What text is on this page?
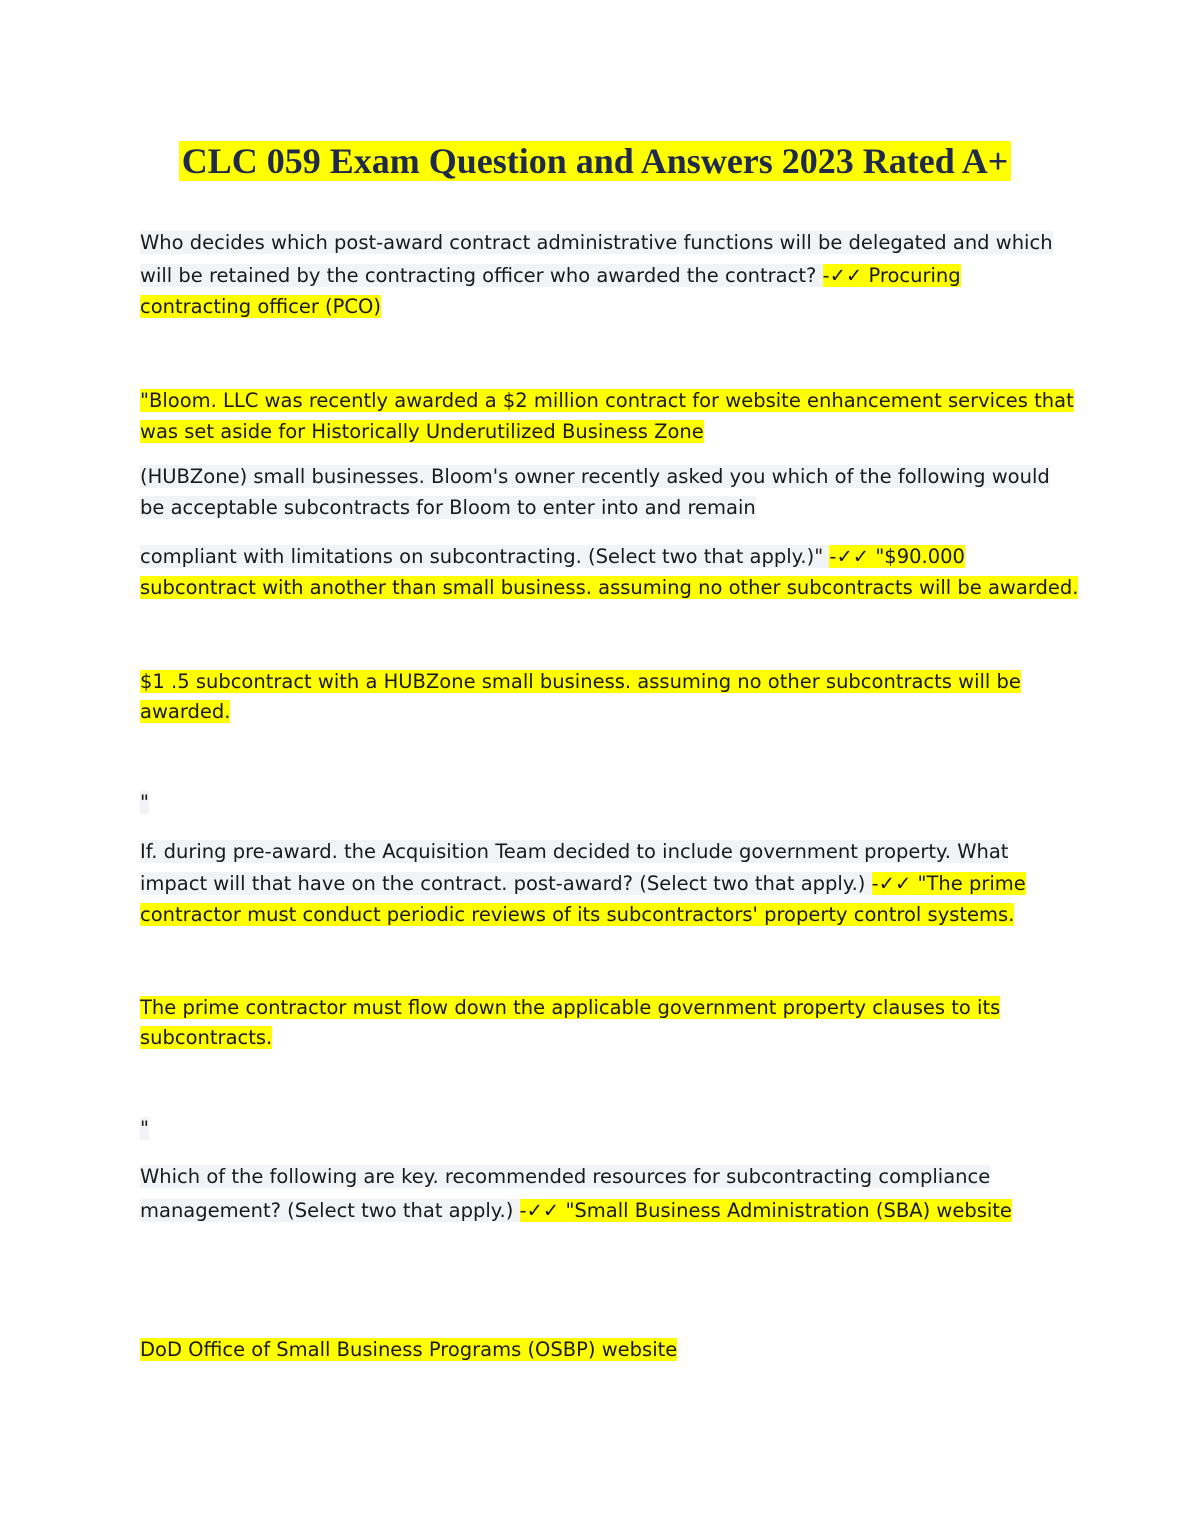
CLC 059 Exam Question and Answers 2023 Rated A+
Who decides which post-award contract administrative functions will be delegated and which
will be retained by the contracting officer who awarded the contract? -✓✓ Procuring
contracting officer (PCO)
"Bloom. LLC was recently awarded a $2 million contract for website enhancement services that
was set aside for Historically Underutilized Business Zone
(HUBZone) small businesses. Bloom's owner recently asked you which of the following would
be acceptable subcontracts for Bloom to enter into and remain
compliant with limitations on subcontracting. (Select two that apply.)" -✓✓ "$90.000
subcontract with another than small business. assuming no other subcontracts will be awarded.
$1 .5 subcontract with a HUBZone small business. assuming no other subcontracts will be
awarded.
"
If. during pre-award. the Acquisition Team decided to include government property. What
impact will that have on the contract. post-award? (Select two that apply.) -✓✓ "The prime
contractor must conduct periodic reviews of its subcontractors' property control systems.
The prime contractor must flow down the applicable government property clauses to its
subcontracts.
"
Which of the following are key. recommended resources for subcontracting compliance
management? (Select two that apply.) -✓✓ "Small Business Administration (SBA) website
DoD Office of Small Business Programs (OSBP) website
